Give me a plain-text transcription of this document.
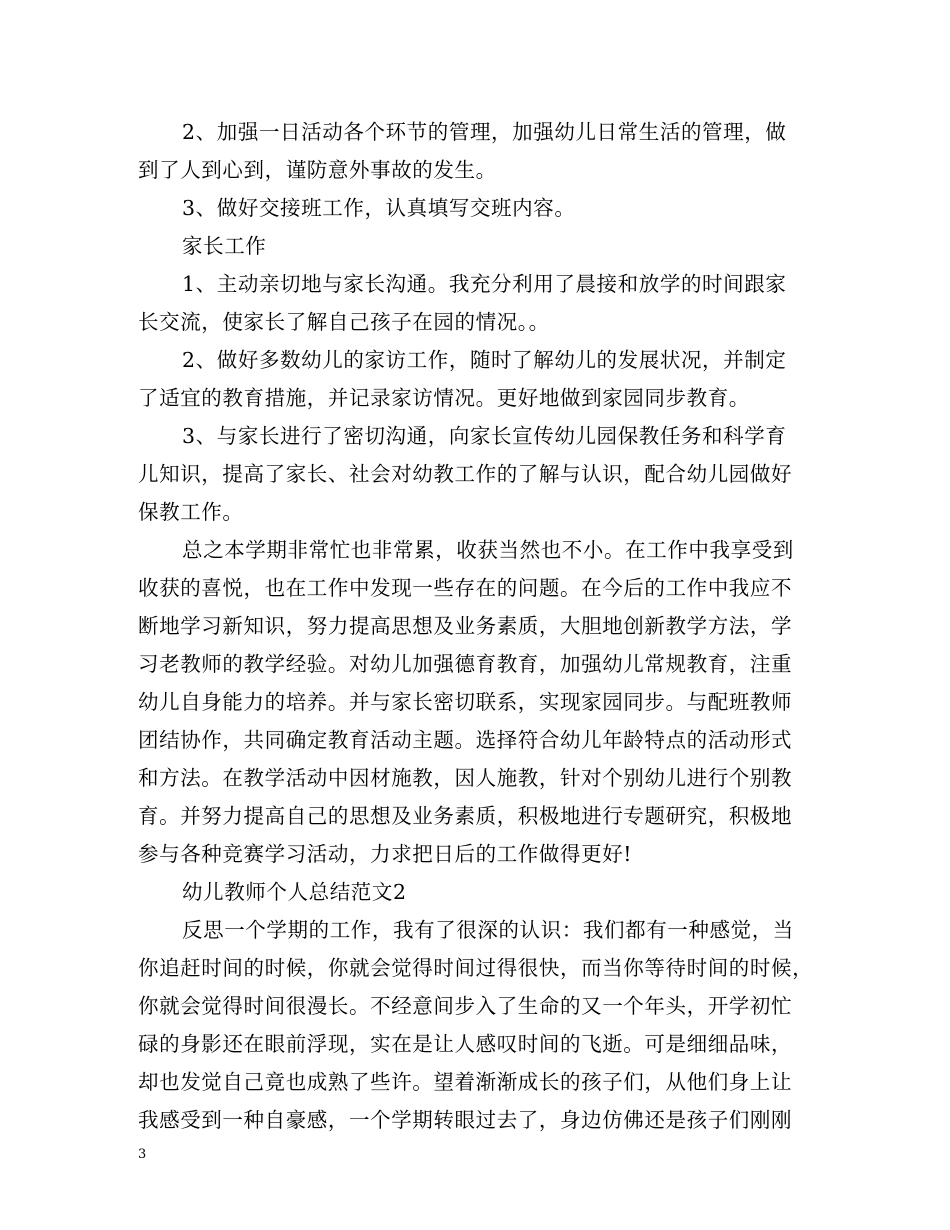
2、加强一日活动各个环节的管理，加强幼儿日常生活的管理，做
到了人到心到，谨防意外事故的发生。
3、做好交接班工作，认真填写交班内容。
家长工作
1、主动亲切地与家长沟通。我充分利用了晨接和放学的时间跟家
长交流，使家长了解自己孩子在园的情况。。
2、做好多数幼儿的家访工作，随时了解幼儿的发展状况，并制定
了适宜的教育措施，并记录家访情况。更好地做到家园同步教育。
3、与家长进行了密切沟通，向家长宣传幼儿园保教任务和科学育
儿知识，提高了家长、社会对幼教工作的了解与认识，配合幼儿园做好
保教工作。
总之本学期非常忙也非常累，收获当然也不小。在工作中我享受到
收获的喜悦，也在工作中发现一些存在的问题。在今后的工作中我应不
断地学习新知识，努力提高思想及业务素质，大胆地创新教学方法，学
习老教师的教学经验。对幼儿加强德育教育，加强幼儿常规教育，注重
幼儿自身能力的培养。并与家长密切联系，实现家园同步。与配班教师
团结协作，共同确定教育活动主题。选择符合幼儿年龄特点的活动形式
和方法。在教学活动中因材施教，因人施教，针对个别幼儿进行个别教
育。并努力提高自己的思想及业务素质，积极地进行专题研究，积极地
参与各种竞赛学习活动，力求把日后的工作做得更好!
幼儿教师个人总结范文2
反思一个学期的工作，我有了很深的认识：我们都有一种感觉，当
你追赶时间的时候，你就会觉得时间过得很快，而当你等待时间的时候，
你就会觉得时间很漫长。不经意间步入了生命的又一个年头，开学初忙
碌的身影还在眼前浮现，实在是让人感叹时间的飞逝。可是细细品味，
却也发觉自己竟也成熟了些许。望着渐渐成长的孩子们，从他们身上让
我感受到一种自豪感，一个学期转眼过去了，身边仿佛还是孩子们刚刚
3
